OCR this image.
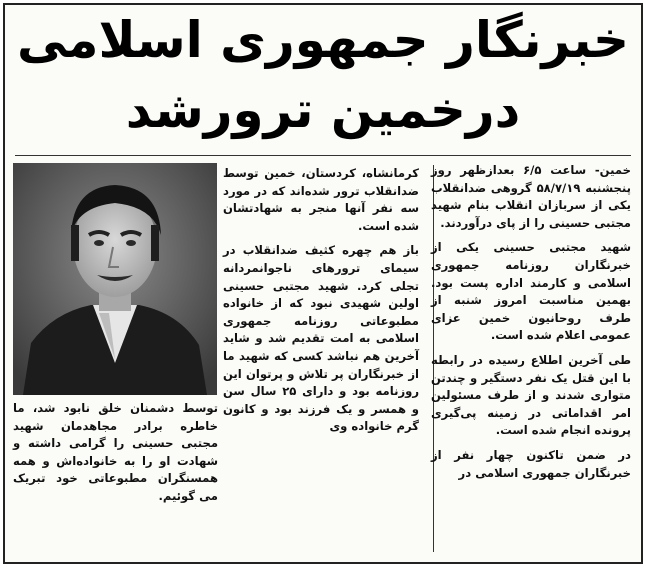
خبرنگار جمهوری اسلامی
درخمین ترورشد

خمین- ساعت ۶/۵ بعدازظهر روز پنجشنبه ۵۸/۷/۱۹ گروهی ضدانقلاب یکی از سربازان انقلاب بنام شهید مجتبی حسینی را از پای درآوردند.

شهید مجتبی حسینی یکی از خبرنگاران روزنامه جمهوری اسلامی و کارمند اداره پست بود. بهمین مناسبت امروز شنبه از طرف روحانیون خمین عزای عمومی اعلام شده است.

طی آخرین اطلاع رسیده در رابطه با این قتل یک نفر دستگیر و چندتن متواری شدند و از طرف مسئولین امر اقداماتی در زمینه پی‌گیری پرونده انجام شده است.

در ضمن تاکنون چهار نفر از خبرنگاران جمهوری اسلامی در

کرمانشاه، کردستان، خمین توسط ضدانقلاب ترور شده‌اند که در مورد سه نفر آنها منجر به شهادتشان شده است.

باز هم چهره کثیف ضدانقلاب در سیمای ترورهای ناجوانمردانه تجلی کرد. شهید مجتبی حسینی اولین شهیدی نبود که از خانواده مطبوعاتی روزنامه جمهوری اسلامی به امت تقدیم شد و شاید آخرین هم نباشد کسی که شهید ما از خبرنگاران پر تلاش و پرتوان این روزنامه بود و دارای ۲۵ سال سن و همسر و یک فرزند بود و کانون گرم خانواده وی

توسط دشمنان خلق نابود شد، ما خاطره برادر مجاهدمان شهید مجتبی حسینی را گرامی داشته و شهادت او را به خانواده‌اش و همه همسنگران مطبوعاتی خود تبریک می گوئیم.
